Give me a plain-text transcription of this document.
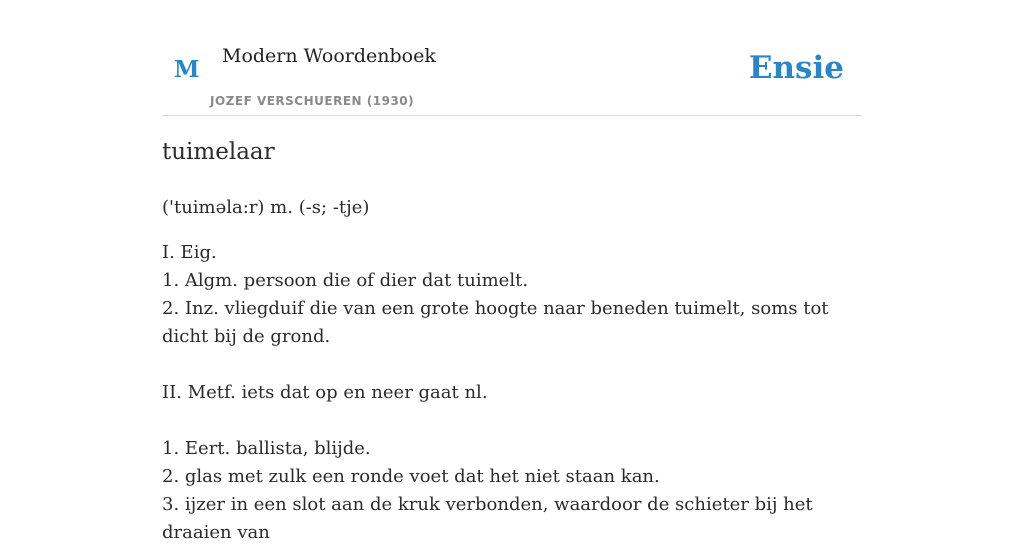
M Modern Woordenboek
JOZEF VERSCHUEREN (1930)
Ensie
tuimelaar
('tuimǝla:r) m. (-s; -tje)

I. Eig.

1. Algm. persoon die of dier dat tuimelt.

2. Inz. vliegduif die van een grote hoogte naar beneden tuimelt, soms tot dicht bij de grond.

II. Metf. iets dat op en neer gaat nl.

1. Eert. ballista, blijde.

2. glas met zulk een ronde voet dat het niet staan kan.

3. ijzer in een slot aan de kruk verbonden, waardoor de schieter bij het draaien van
